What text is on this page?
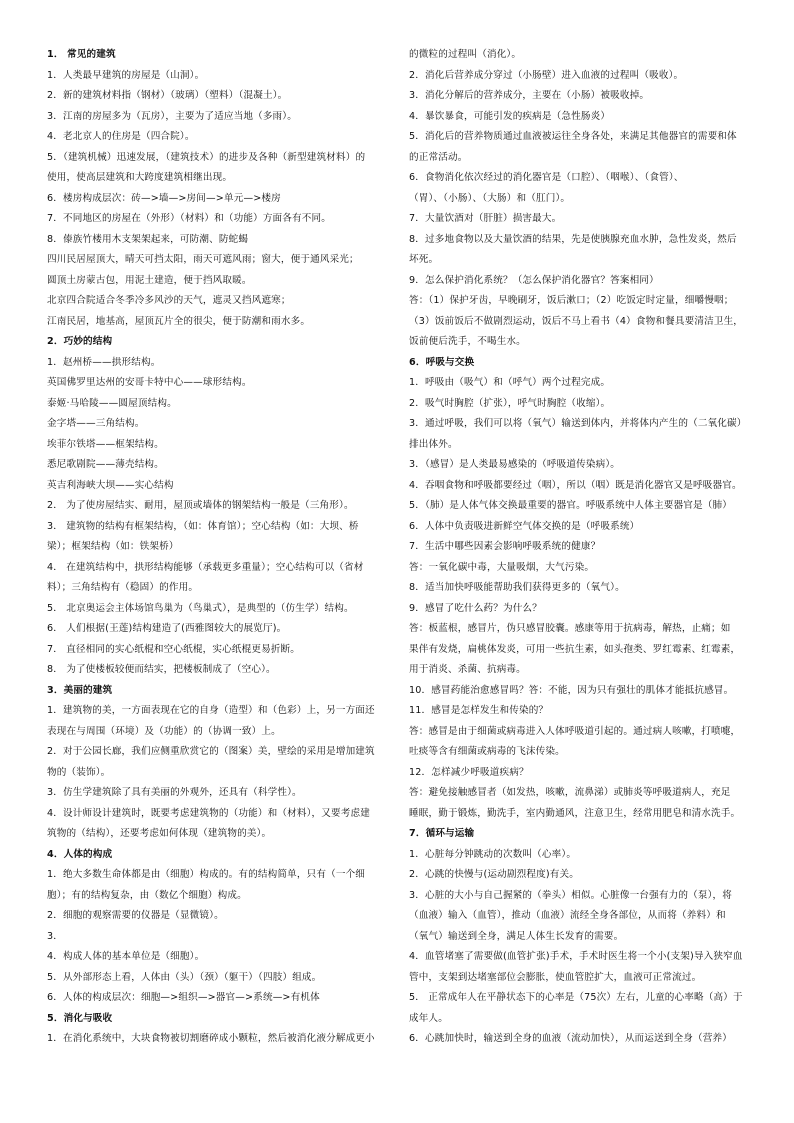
1． 常见的建筑
1．人类最早建筑的房屋是（山洞）。
2．新的建筑材料指（钢材）（玻璃）（塑料）（混凝土）。
3．江南的房屋多为（瓦房），主要为了适应当地（多雨）。
4．老北京人的住房是（四合院）。
5．（建筑机械）迅速发展，（建筑技术）的进步及各种（新型建筑材料）的
使用，使高层建筑和大跨度建筑相继出现。
6．楼房构成层次：砖—>墙—>房间—>单元—>楼房
7．不同地区的房屋在（外形）（材料）和（功能）方面各有不同。
8．傣族竹楼用木支架架起来，可防潮、防蛇蝎
四川民居屋顶大，晴天可挡太阳，雨天可遮风雨；窗大，便于通风采光；
圆顶土房蒙古包，用泥土建造，便于挡风取暖。
北京四合院适合冬季冷多风沙的天气，遮灵又挡风遮寒；
江南民居，地基高，屋顶瓦片全的很尖，便于防潮和雨水多。
2．巧妙的结构
1．赵州桥——拱形结构。
英国佛罗里达州的安哥卡特中心——球形结构。
泰姬·马哈陵——圆屋顶结构。
金字塔——三角结构。
埃菲尔铁塔——框架结构。
悉尼歌剧院——薄壳结构。
英吉利海峡大坝——实心结构
2． 为了使房屋结实、耐用，屋顶或墙体的钢架结构一般是（三角形）。
3． 建筑物的结构有框架结构，（如：体育馆）；空心结构（如：大坝、桥
梁）；框架结构（如：铁架桥）
4． 在建筑结构中，拱形结构能够（承载更多重量）；空心结构可以（省材
料）；三角结构有（稳固）的作用。
5． 北京奥运会主体场馆鸟巢为（鸟巢式），是典型的（仿生学）结构。
6． 人们根据(王莲)结构建造了(西雅图较大的展览厅)。
7． 直径相同的实心纸棍和空心纸棍，实心纸棍更易折断。
8． 为了使楼板较便而结实，把楼板制成了（空心）。
3．美丽的建筑
1．建筑物的美，一方面表现在它的自身（造型）和（色彩）上，另一方面还
表现在与周围（环境）及（功能）的（协调一致）上。
2．对于公园长廊，我们应侧重欣赏它的（图案）美，壁绘的采用是增加建筑
物的（装饰）。
3．仿生学建筑除了具有美丽的外观外，还具有（科学性）。
4．设计师设计建筑时，既要考虑建筑物的（功能）和（材料），又要考虑建
筑物的（结构），还要考虑如何体现（建筑物的美）。
4．人体的构成
1．绝大多数生命体都是由（细胞）构成的。有的结构简单，只有（一个细
胞）；有的结构复杂，由（数亿个细胞）构成。
2．细胞的观察需要的仪器是（显微镜）。
3．
4．构成人体的基本单位是（细胞）。
5．从外部形态上看，人体由（头）（颈）（躯干）（四肢）组成。
6．人体的构成层次：细胞—>组织—>器官—>系统—>有机体
5．消化与吸收
1．在消化系统中，大块食物被切割磨碎成小颗粒，然后被消化液分解成更小
的微粒的过程叫（消化）。
2．消化后营养成分穿过（小肠壁）进入血液的过程叫（吸收）。
3．消化分解后的营养成分，主要在（小肠）被吸收掉。
4．暴饮暴食，可能引发的疾病是（急性肠炎）
5．消化后的营养物质通过血液被运往全身各处，来满足其他器官的需要和体
的正常活动。
6．食物消化依次经过的消化器官是（口腔）、（咽喉）、（食管）、
（胃）、（小肠）、（大肠）和（肛门）。
7．大量饮酒对（肝脏）损害最大。
8．过多地食物以及大量饮酒的结果，先是使胰腺充血水肿，急性发炎，然后
坏死。
9．怎么保护消化系统？（怎么保护消化器官？答案相同）
答：（1）保护牙齿，早晚刷牙，饭后漱口；（2）吃饭定时定量，细嚼慢咽；
（3）饭前饭后不做剧烈运动，饭后不马上看书（4）食物和餐具要清洁卫生，
饭前便后洗手，不喝生水。
6．呼吸与交换
1．呼吸由（吸气）和（呼气）两个过程完成。
2．吸气时胸腔（扩张），呼气时胸腔（收缩）。
3．通过呼吸，我们可以将（氧气）输送到体内，并将体内产生的（二氧化碳）
排出体外。
3．（感冒）是人类最易感染的（呼吸道传染病）。
4．吞咽食物和呼吸都要经过（咽），所以（咽）既是消化器官又是呼吸器官。
5．（肺）是人体气体交换最重要的器官。呼吸系统中人体主要器官是（肺）
6．人体中负责吸进新鲜空气体交换的是（呼吸系统）
7．生活中哪些因素会影响呼吸系统的健康？
答：一氧化碳中毒，大量吸烟，大气污染。
8．适当加快呼吸能帮助我们获得更多的（氧气）。
9．感冒了吃什么药？为什么？
答：板蓝根，感冒片，伪只感冒胶囊。感康等用于抗病毒，解热，止痛；如
果伴有发烧，扁桃体发炎，可用一些抗生素，如头孢类、罗红霉素、红霉素，
用于消炎、杀菌、抗病毒。
10．感冒药能治愈感冒吗？答：不能，因为只有强壮的肌体才能抵抗感冒。
11．感冒是怎样发生和传染的？
答：感冒是由于细菌或病毒进入人体呼吸道引起的。通过病人咳嗽，打喷嚏，
吐痰等含有细菌或病毒的飞沫传染。
12．怎样减少呼吸道疾病？
答：避免接触感冒者（如发热，咳嗽，流鼻涕）或肺炎等呼吸道病人，充足
睡眠，勤于锻炼，勤洗手，室内勤通风，注意卫生，经常用肥皂和清水洗手。
7．循环与运输
1．心脏每分钟跳动的次数叫（心率）。
2．心跳的快慢与(运动剧烈程度)有关。
3．心脏的大小与自己握紧的（拳头）相似。心脏像一台强有力的（泵），将
（血液）输入（血管），推动（血液）流经全身各部位，从而将（养料）和
（氧气）输送到全身，满足人体生长发育的需要。
4．血管堵塞了需要做(血管扩张)手术，手术时医生将一个小(支架)导入狭窄血
管中，支架到达堵塞部位会膨胀，使血管腔扩大，血液可正常流过。
5． 正常成年人在平静状态下的心率是（75次）左右，儿童的心率略（高）于
成年人。
6．心跳加快时，输送到全身的血液（流动加快），从而运送到全身（营养）
